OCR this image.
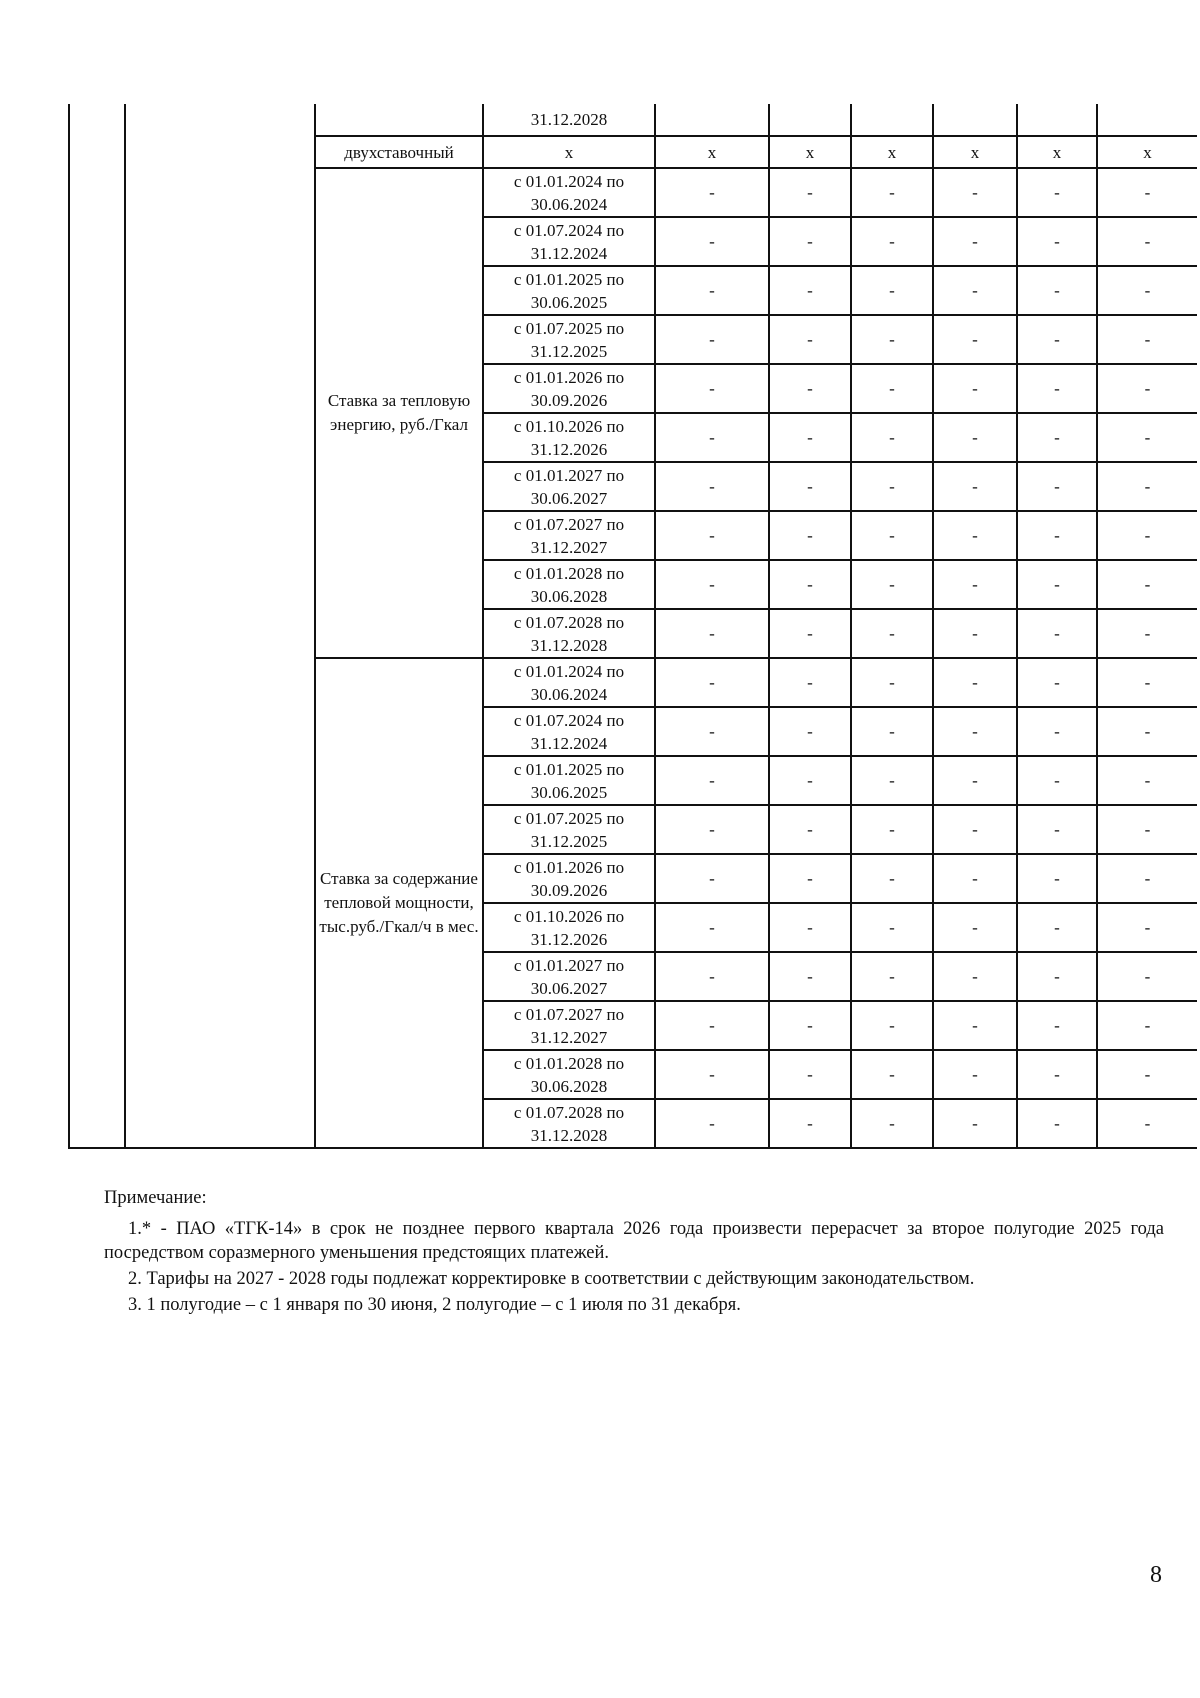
			31.12.2028						
		двухставочный	x	x	x	x	x	x	x
		Ставка за тепловую энергию, руб./Гкал	с 01.01.2024 по 30.06.2024	-	-	-	-	-	-
			с 01.07.2024 по 31.12.2024	-	-	-	-	-	-
			с 01.01.2025 по 30.06.2025	-	-	-	-	-	-
			с 01.07.2025 по 31.12.2025	-	-	-	-	-	-
			с 01.01.2026 по 30.09.2026	-	-	-	-	-	-
			с 01.10.2026 по 31.12.2026	-	-	-	-	-	-
			с 01.01.2027 по 30.06.2027	-	-	-	-	-	-
			с 01.07.2027 по 31.12.2027	-	-	-	-	-	-
			с 01.01.2028 по 30.06.2028	-	-	-	-	-	-
			с 01.07.2028 по 31.12.2028	-	-	-	-	-	-
		Ставка за содержание тепловой мощности, тыс.руб./Гкал/ч в мес.	с 01.01.2024 по 30.06.2024	-	-	-	-	-	-
			с 01.07.2024 по 31.12.2024	-	-	-	-	-	-
			с 01.01.2025 по 30.06.2025	-	-	-	-	-	-
			с 01.07.2025 по 31.12.2025	-	-	-	-	-	-
			с 01.01.2026 по 30.09.2026	-	-	-	-	-	-
			с 01.10.2026 по 31.12.2026	-	-	-	-	-	-
			с 01.01.2027 по 30.06.2027	-	-	-	-	-	-
			с 01.07.2027 по 31.12.2027	-	-	-	-	-	-
			с 01.01.2028 по 30.06.2028	-	-	-	-	-	-
			с 01.07.2028 по 31.12.2028	-	-	-	-	-	-

Примечание:

1.* - ПАО «ТГК-14» в срок не позднее первого квартала 2026 года произвести перерасчет за второе полугодие 2025 года посредством соразмерного уменьшения предстоящих платежей.

2. Тарифы на 2027 - 2028 годы подлежат корректировке в соответствии с действующим законодательством.

3. 1 полугодие – с 1 января по 30 июня, 2 полугодие – с 1 июля по 31 декабря.

8
